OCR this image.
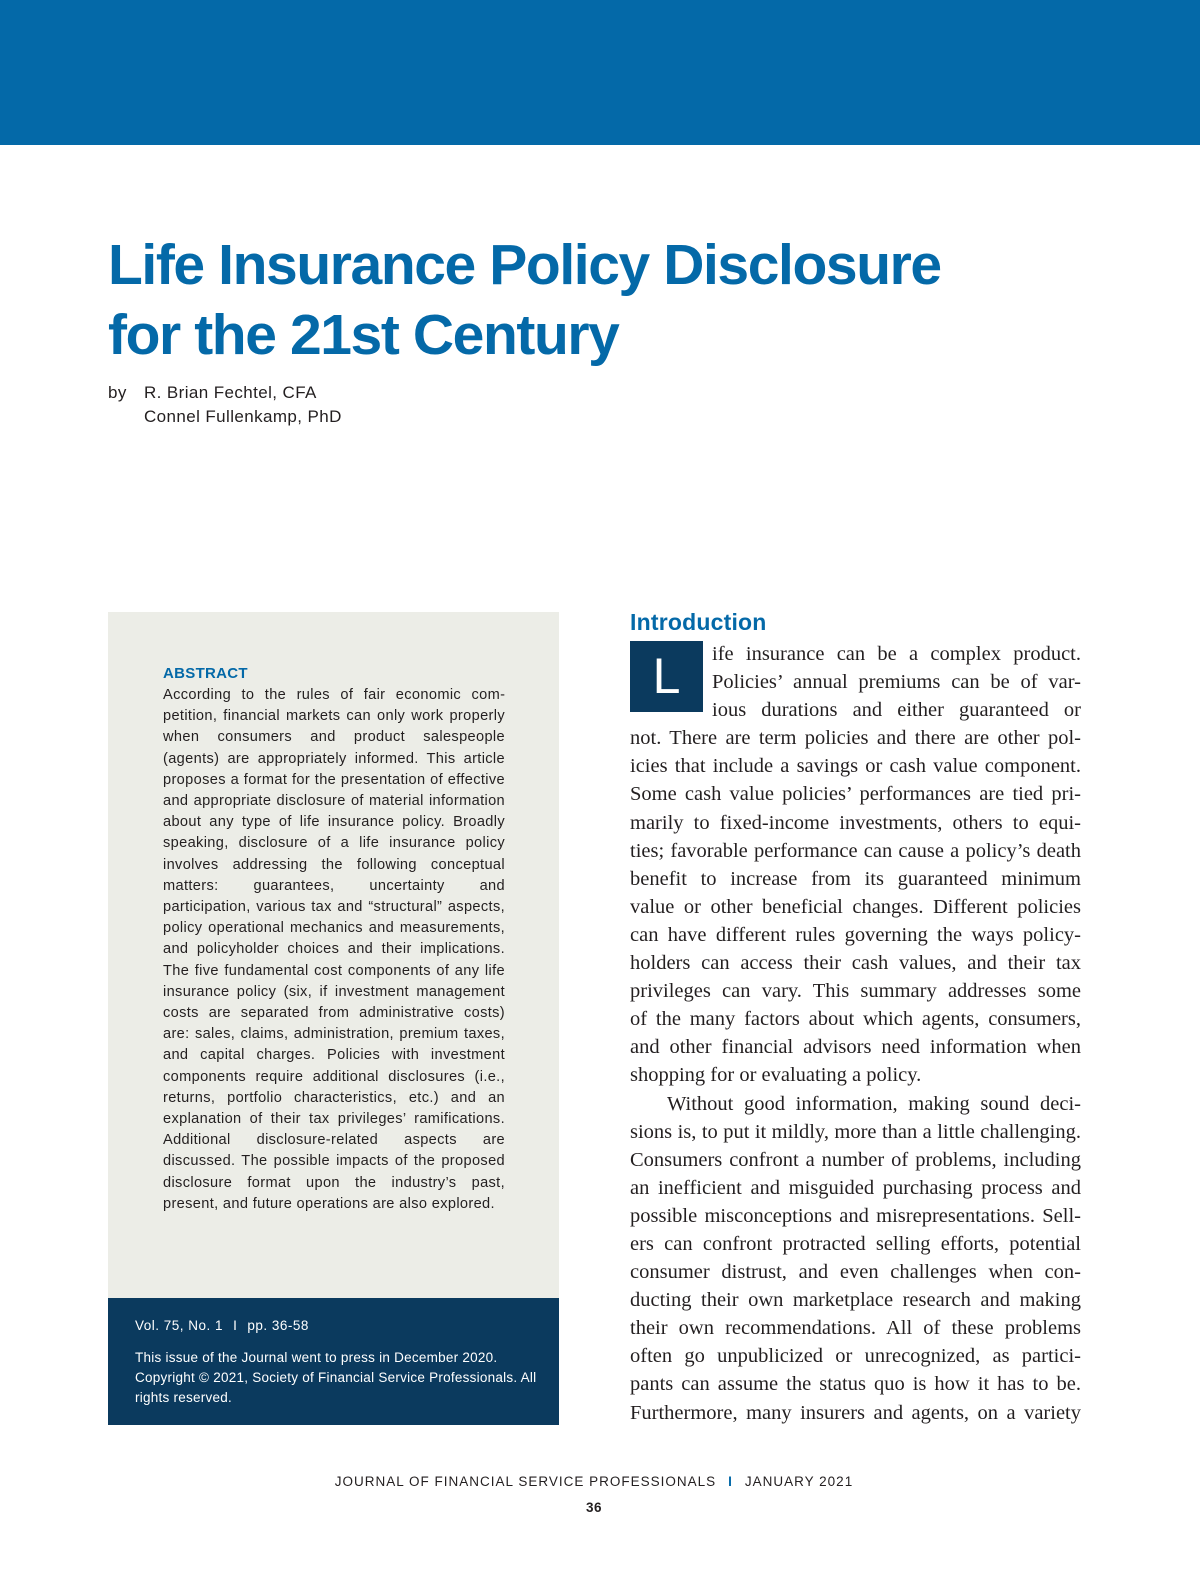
Life Insurance Policy Disclosure
for the 21st Century
by R. Brian Fechtel, CFA
Connel Fullenkamp, PhD
ABSTRACT

According to the rules of fair economic competition, financial markets can only work properly when consumers and product salespeople (agents) are appropriately informed. This article proposes a format for the presentation of effective and appropriate disclosure of material information about any type of life insurance policy. Broadly speaking, disclosure of a life insurance policy involves addressing the following conceptual matters: guarantees, uncertainty and participation, various tax and “structural” aspects, policy operational mechanics and measurements, and policyholder choices and their implications. The five fundamental cost components of any life insurance policy (six, if investment management costs are separated from administrative costs) are: sales, claims, administration, premium taxes, and capital charges. Policies with investment components require additional disclosures (i.e., returns, portfolio characteristics, etc.) and an explanation of their tax privileges’ ramifications. Additional disclosure-related aspects are discussed. The possible impacts of the proposed disclosure format upon the industry’s past, present, and future operations are also explored.

Vol. 75, No. 1 I pp. 36-58

This issue of the Journal went to press in December 2020. Copyright © 2021, Society of Financial Service Professionals. All rights reserved.

Introduction
L	ife insurance can be a complex product.
Policies’ annual premiums can be of var-
ious durations and either guaranteed or
not. There are term policies and there are other pol-
icies that include a savings or cash value component.
Some cash value policies’ performances are tied pri-
marily to fixed-income investments, others to equi-
ties; favorable performance can cause a policy’s death
benefit to increase from its guaranteed minimum
value or other beneficial changes. Different policies
can have different rules governing the ways policy-
holders can access their cash values, and their tax
privileges can vary. This summary addresses some
of the many factors about which agents, consumers,
and other financial advisors need information when
shopping for or evaluating a policy.
Without good information, making sound deci-
sions is, to put it mildly, more than a little challenging.
Consumers confront a number of problems, including
an inefficient and misguided purchasing process and
possible misconceptions and misrepresentations. Sell-
ers can confront protracted selling efforts, potential
consumer distrust, and even challenges when con-
ducting their own marketplace research and making
their own recommendations. All of these problems
often go unpublicized or unrecognized, as partici-
pants can assume the status quo is how it has to be.
Furthermore, many insurers and agents, on a variety
JOURNAL OF FINANCIAL SERVICE PROFESSIONALS I JANUARY 2021
36
